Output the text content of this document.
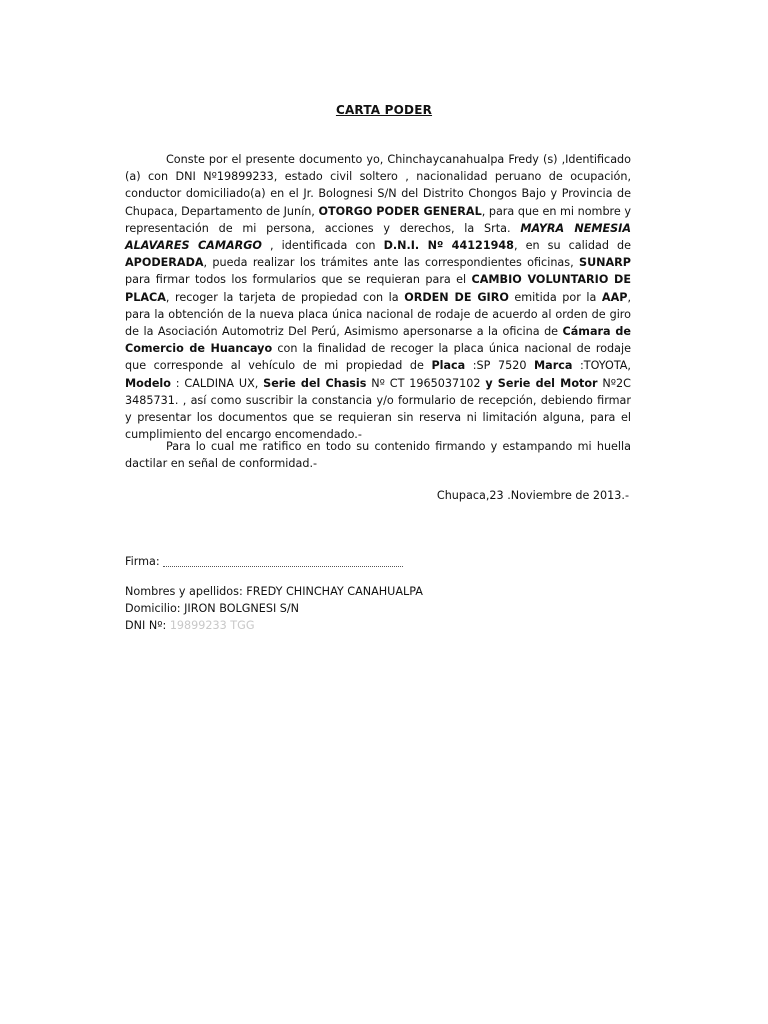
CARTA PODER
Conste por el presente documento yo, Chinchaycanahualpa Fredy (s) ,Identificado (a) con DNI Nº19899233, estado civil soltero , nacionalidad peruano de ocupación, conductor domiciliado(a) en el Jr. Bolognesi S/N del Distrito Chongos Bajo y Provincia de Chupaca, Departamento de Junín, OTORGO PODER GENERAL, para que en mi nombre y representación de mi persona, acciones y derechos, la Srta. MAYRA NEMESIA ALAVARES CAMARGO , identificada con D.N.I. Nº 44121948, en su calidad de APODERADA, pueda realizar los trámites ante las correspondientes oficinas, SUNARP para firmar todos los formularios que se requieran para el CAMBIO VOLUNTARIO DE PLACA, recoger la tarjeta de propiedad con la ORDEN DE GIRO emitida por la AAP, para la obtención de la nueva placa única nacional de rodaje de acuerdo al orden de giro de la Asociación Automotriz Del Perú, Asimismo apersonarse a la oficina de Cámara de Comercio de Huancayo con la finalidad de recoger la placa única nacional de rodaje que corresponde al vehículo de mi propiedad de Placa :SP 7520 Marca :TOYOTA, Modelo : CALDINA UX, Serie del Chasis Nº CT 1965037102 y Serie del Motor Nº2C 3485731. , así como suscribir la constancia y/o formulario de recepción, debiendo firmar y presentar los documentos que se requieran sin reserva ni limitación alguna, para el cumplimiento del encargo encomendado.-
Para lo cual me ratifico en todo su contenido firmando y estampando mi huella dactilar en señal de conformidad.-
Chupaca,23 .Noviembre de 2013.-
Firma:
Nombres y apellidos: FREDY CHINCHAY CANAHUALPA
Domicilio: JIRON BOLGNESI S/N
DNI Nº: 19899233 TGG
